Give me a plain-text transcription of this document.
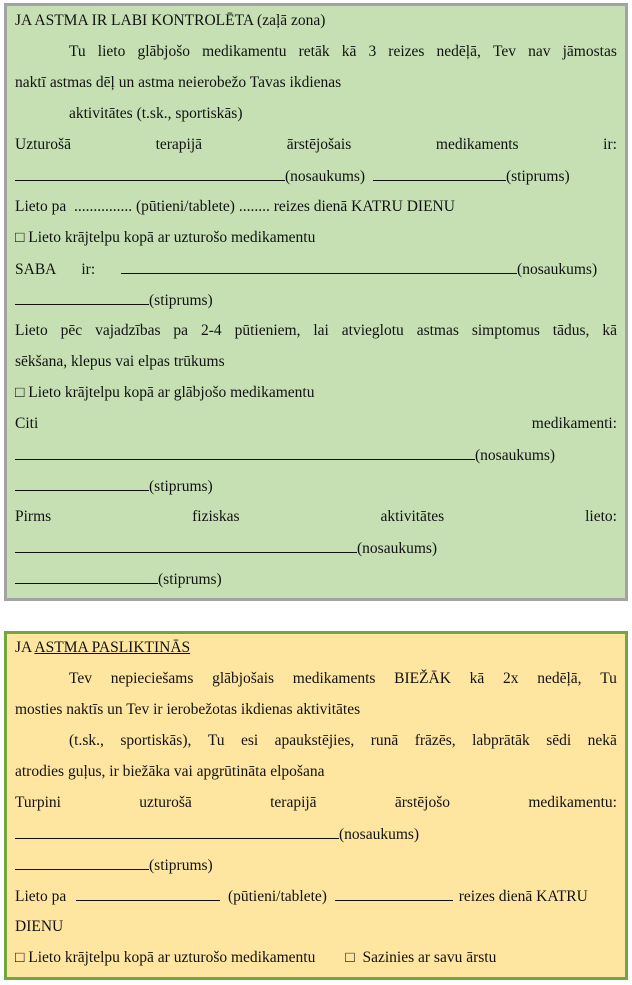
JA ASTMA IR LABI KONTROLĒTA (zaļā zona)
Tu lieto glābjošo medikamentu retāk kā 3 reizes nedēļā, Tev nav jāmostas
naktī astmas dēļ un astma neierobežo Tavas ikdienas
aktivitātes (t.sk., sportiskās)
Uzturošā	terapijā	ārstējošais	medikaments	ir:
(nosaukums)	(stiprums)
Lieto pa ............... (pūtieni/tablete) ........ reizes dienā KATRU DIENU
□ Lieto krājtelpu kopā ar uzturošo medikamentu
SABA ir:	(nosaukums)
(stiprums)
Lieto pēc vajadzības pa 2-4 pūtieniem, lai atvieglotu astmas simptomus tādus, kā
sēkšana, klepus vai elpas trūkums
□ Lieto krājtelpu kopā ar glābjošo medikamentu
Citi	medikamenti:
(nosaukums)
(stiprums)
Pirms	fiziskas	aktivitātes	lieto:
(nosaukums)
(stiprums)
JA ASTMA PASLIKTINĀS
Tev nepieciešams glābjošais medikaments BIEŽĀK kā 2x nedēļā, Tu
mosties naktīs un Tev ir ierobežotas ikdienas aktivitātes
(t.sk., sportiskās), Tu esi apaukstējies, runā frāzēs, labprātāk sēdi nekā
atrodies guļus, ir biežāka vai apgrūtināta elpošana
Turpini	uzturošā	terapijā	ārstējošo	medikamentu:
(nosaukums)
(stiprums)
Lieto pa	(pūtieni/tablete)	reizes dienā KATRU
DIENU
□ Lieto krājtelpu kopā ar uzturošo medikamentu □ Sazinies ar savu ārstu
